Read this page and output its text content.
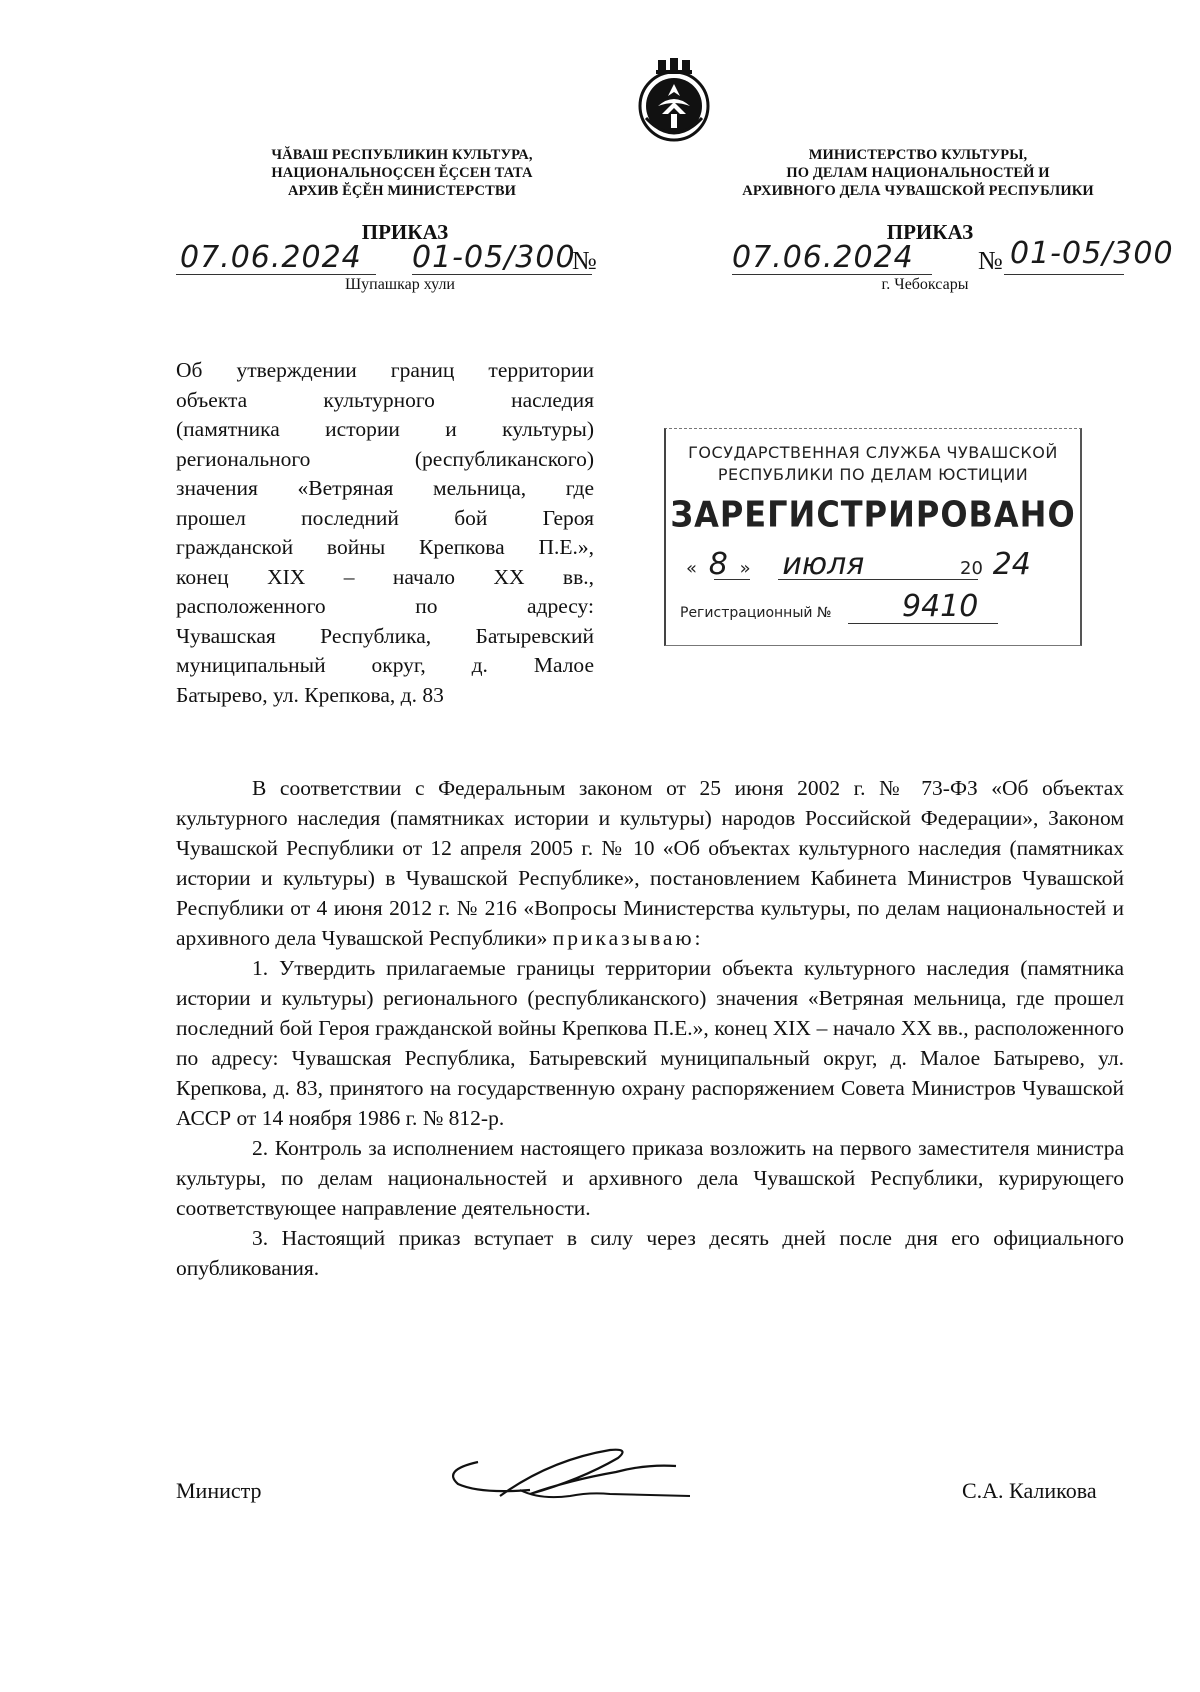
ЧĂВАШ РЕСПУБЛИКИН КУЛЬТУРА,
НАЦИОНАЛЬНОÇСЕН ĔÇСЕН ТАТА
АРХИВ ĔÇĔН МИНИСТЕРСТВИ
МИНИСТЕРСТВО КУЛЬТУРЫ,
ПО ДЕЛАМ НАЦИОНАЛЬНОСТЕЙ И
АРХИВНОГО ДЕЛА ЧУВАШСКОЙ РЕСПУБЛИКИ
ПРИКАЗ	ПРИКАЗ
07.06.2024 01-05/300
№	07.06.2024 № 01-05/300
Шупашкар хули	г. Чебоксары
Об утверждении границ территории
объекта культурного наследия
(памятника истории и культуры)
регионального (республиканского)
значения «Ветряная мельница, где
прошел последний бой Героя
гражданской войны Крепкова П.Е.»,
конец XIX – начало XX вв.,
расположенного по адресу:
Чувашская Республика, Батыревский
муниципальный округ, д. Малое
Батырево, ул. Крепкова, д. 83
ГОСУДАРСТВЕННАЯ СЛУЖБА ЧУВАШСКОЙ
РЕСПУБЛИКИ ПО ДЕЛАМ ЮСТИЦИИ
ЗАРЕГИСТРИРОВАНО
« 8 » июля	20 24
Регистрационный № 9410

В соответствии с Федеральным законом от 25 июня 2002 г. № 73-ФЗ «Об объектах культурного наследия (памятниках истории и культуры) народов Российской Федерации», Законом Чувашской Республики от 12 апреля 2005 г. № 10 «Об объектах культурного наследия (памятниках истории и культуры) в Чувашской Республике», постановлением Кабинета Министров Чувашской Республики от 4 июня 2012 г. № 216 «Вопросы Министерства культуры, по делам национальностей и архивного дела Чувашской Республики» приказываю:

1. Утвердить прилагаемые границы территории объекта культурного наследия (памятника истории и культуры) регионального (республиканского) значения «Ветряная мельница, где прошел последний бой Героя гражданской войны Крепкова П.Е.», конец XIX – начало XX вв., расположенного по адресу: Чувашская Республика, Батыревский муниципальный округ, д. Малое Батырево, ул. Крепкова, д. 83, принятого на государственную охрану распоряжением Совета Министров Чувашской АССР от 14 ноября 1986 г. № 812-р.

2. Контроль за исполнением настоящего приказа возложить на первого заместителя министра культуры, по делам национальностей и архивного дела Чувашской Республики, курирующего соответствующее направление деятельности.

3. Настоящий приказ вступает в силу через десять дней после дня его официального опубликования.

Министр	С.А. Каликова
